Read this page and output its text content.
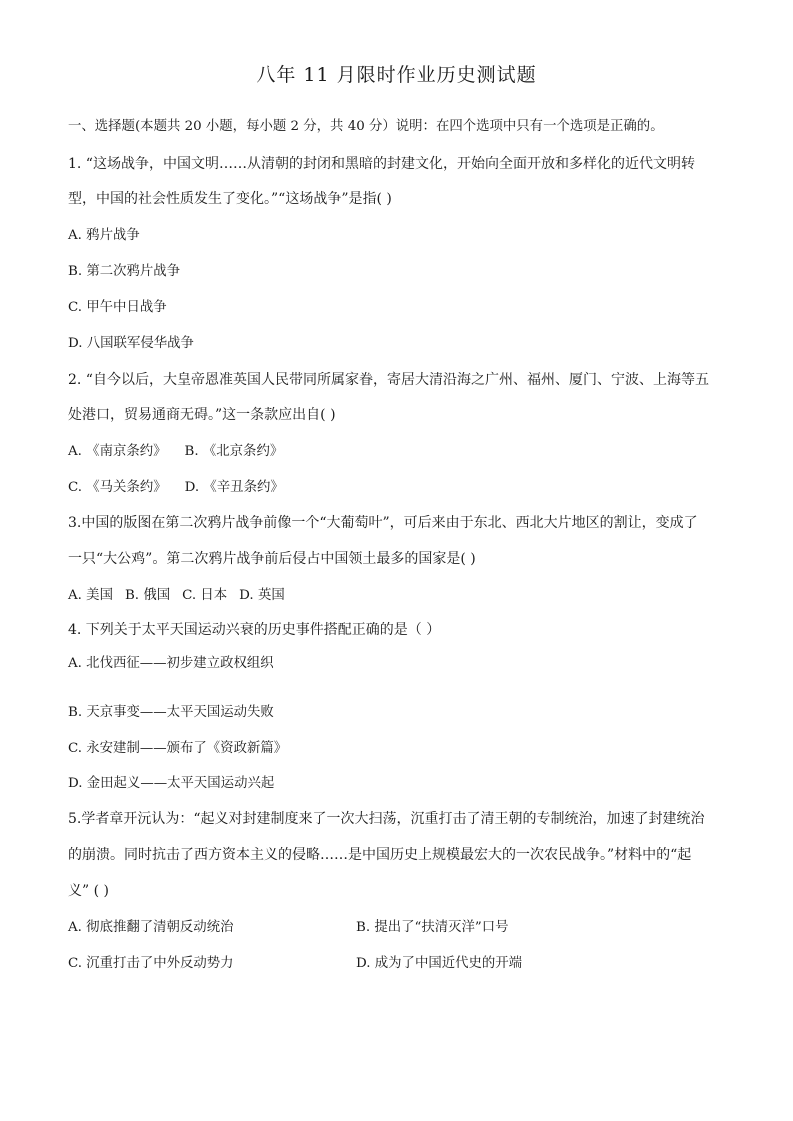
八年 11 月限时作业历史测试题
一、选择题(本题共 20 小题，每小题 2 分，共 40 分）说明：在四个选项中只有一个选项是正确的。
1. “这场战争，中国文明……从清朝的封闭和黑暗的封建文化，开始向全面开放和多样化的近代文明转
型，中国的社会性质发生了变化。”“这场战争”是指( )
A. 鸦片战争
B. 第二次鸦片战争
C. 甲午中日战争
D. 八国联军侵华战争
2. “自今以后，大皇帝恩准英国人民带同所属家眷，寄居大清沿海之广州、福州、厦门、宁波、上海等五
处港口，贸易通商无碍。”这一条款应出自( )
A. 《南京条约》 B. 《北京条约》
C. 《马关条约》 D. 《辛丑条约》
3.中国的版图在第二次鸦片战争前像一个“大葡萄叶”，可后来由于东北、西北大片地区的割让，变成了
一只“大公鸡”。第二次鸦片战争前后侵占中国领土最多的国家是( )
A. 美国 B. 俄国 C. 日本 D. 英国
4. 下列关于太平天国运动兴衰的历史事件搭配正确的是（ ）
A. 北伐西征——初步建立政权组织
B. 天京事变——太平天国运动失败
C. 永安建制——颁布了《资政新篇》
D. 金田起义——太平天国运动兴起
5.学者章开沅认为：“起义对封建制度来了一次大扫荡，沉重打击了清王朝的专制统治，加速了封建统治
的崩溃。同时抗击了西方资本主义的侵略……是中国历史上规模最宏大的一次农民战争。”材料中的“起
义” ( )
A. 彻底推翻了清朝反动统治	B. 提出了“扶清灭洋”口号
C. 沉重打击了中外反动势力	D. 成为了中国近代史的开端
